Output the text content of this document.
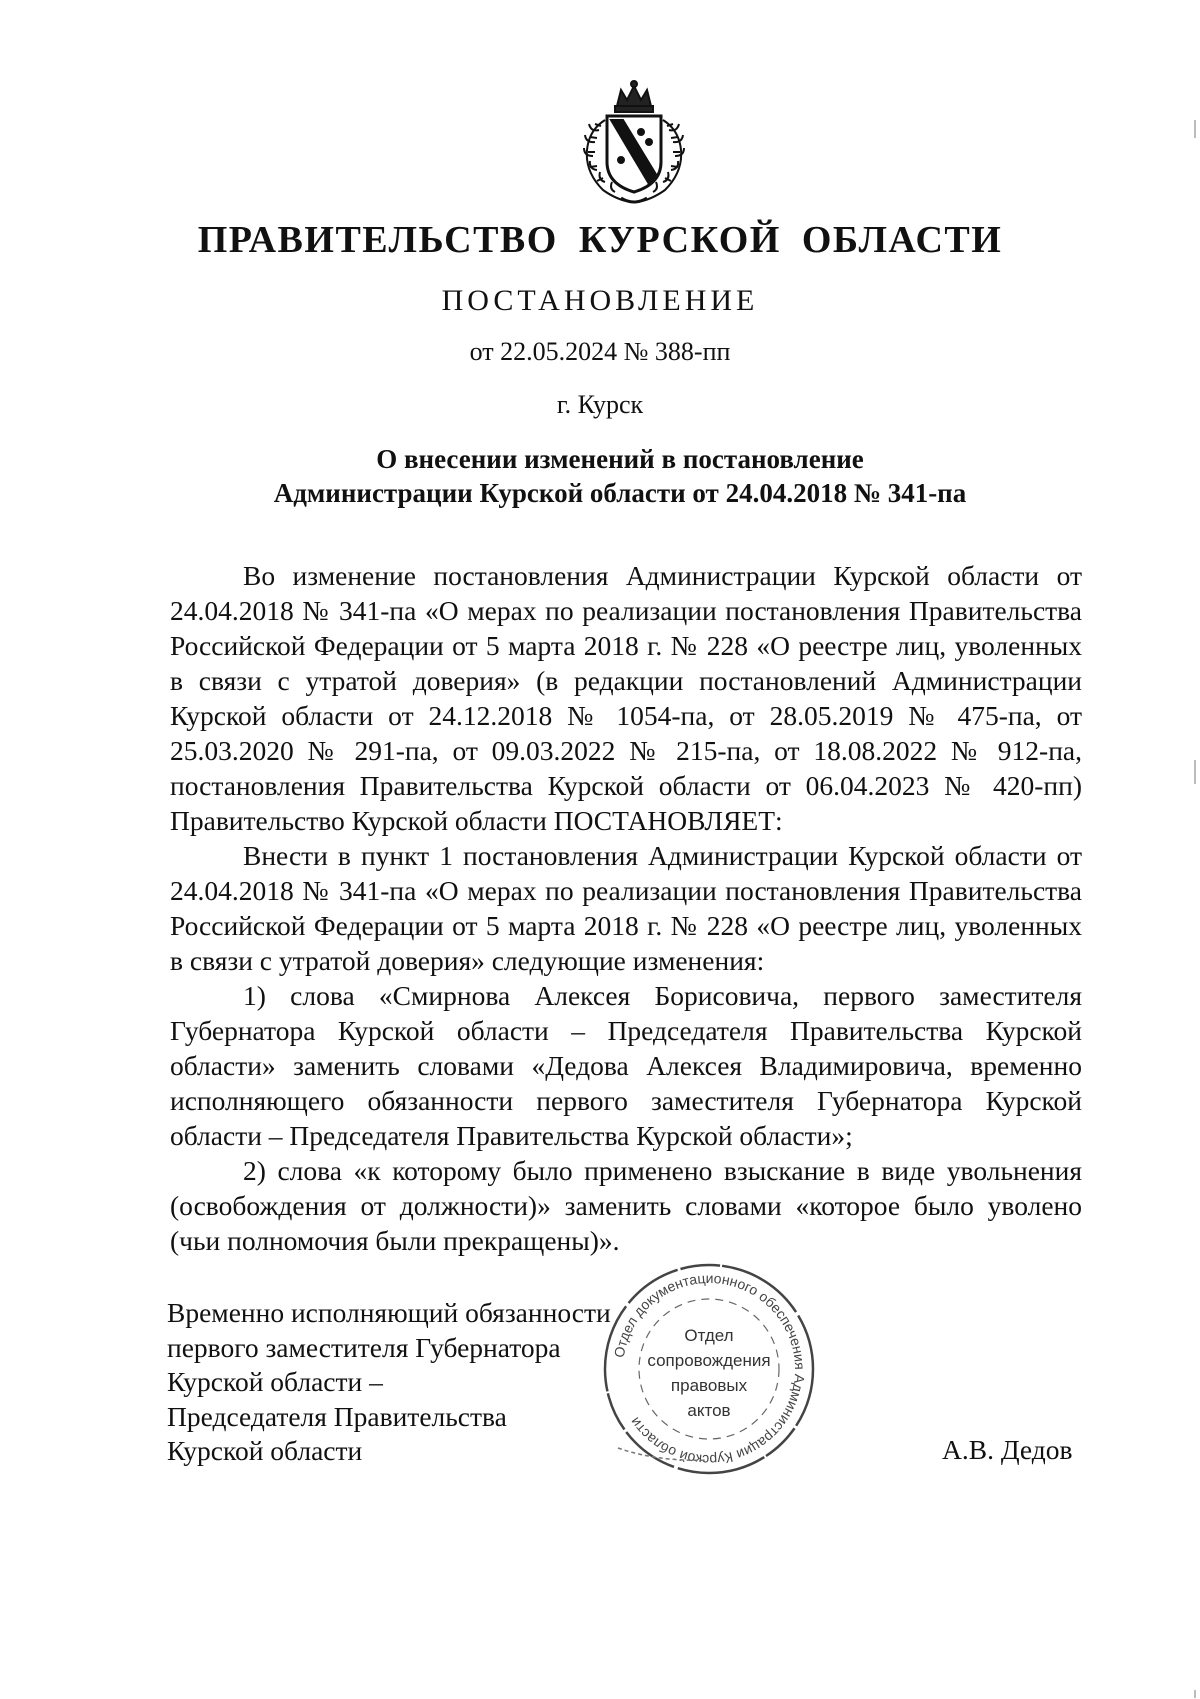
ПРАВИТЕЛЬСТВО КУРСКОЙ ОБЛАСТИ
ПОСТАНОВЛЕНИЕ
от 22.05.2024 № 388-пп
г. Курск
О внесении изменений в постановление
Администрации Курской области от 24.04.2018 № 341-па

Во изменение постановления Администрации Курской области от 24.04.2018 № 341-па «О мерах по реализации постановления Правительства Российской Федерации от 5 марта 2018 г. № 228 «О реестре лиц, уволенных в связи с утратой доверия» (в редакции постановлений Администрации Курской области от 24.12.2018 № 1054-па, от 28.05.2019 № 475-па, от 25.03.2020 № 291-па, от 09.03.2022 № 215-па, от 18.08.2022 № 912-па, постановления Правительства Курской области от 06.04.2023 № 420-пп) Правительство Курской области ПОСТАНОВЛЯЕТ:

Внести в пункт 1 постановления Администрации Курской области от 24.04.2018 № 341-па «О мерах по реализации постановления Правительства Российской Федерации от 5 марта 2018 г. № 228 «О реестре лиц, уволенных в связи с утратой доверия» следующие изменения:

1) слова «Смирнова Алексея Борисовича, первого заместителя Губернатора Курской области – Председателя Правительства Курской области» заменить словами «Дедова Алексея Владимировича, временно исполняющего обязанности первого заместителя Губернатора Курской области – Председателя Правительства Курской области»;

2) слова «к которому было применено взыскание в виде увольнения (освобождения от должности)» заменить словами «которое было уволено (чьи полномочия были прекращены)».

Временно исполняющий обязанности
первого заместителя Губернатора
Курской области –
Председателя Правительства
Курской области
Отдел документационного обеспечения Администрации Курской области
Отдел
сопровождения
правовых
актов
А.В. Дедов
